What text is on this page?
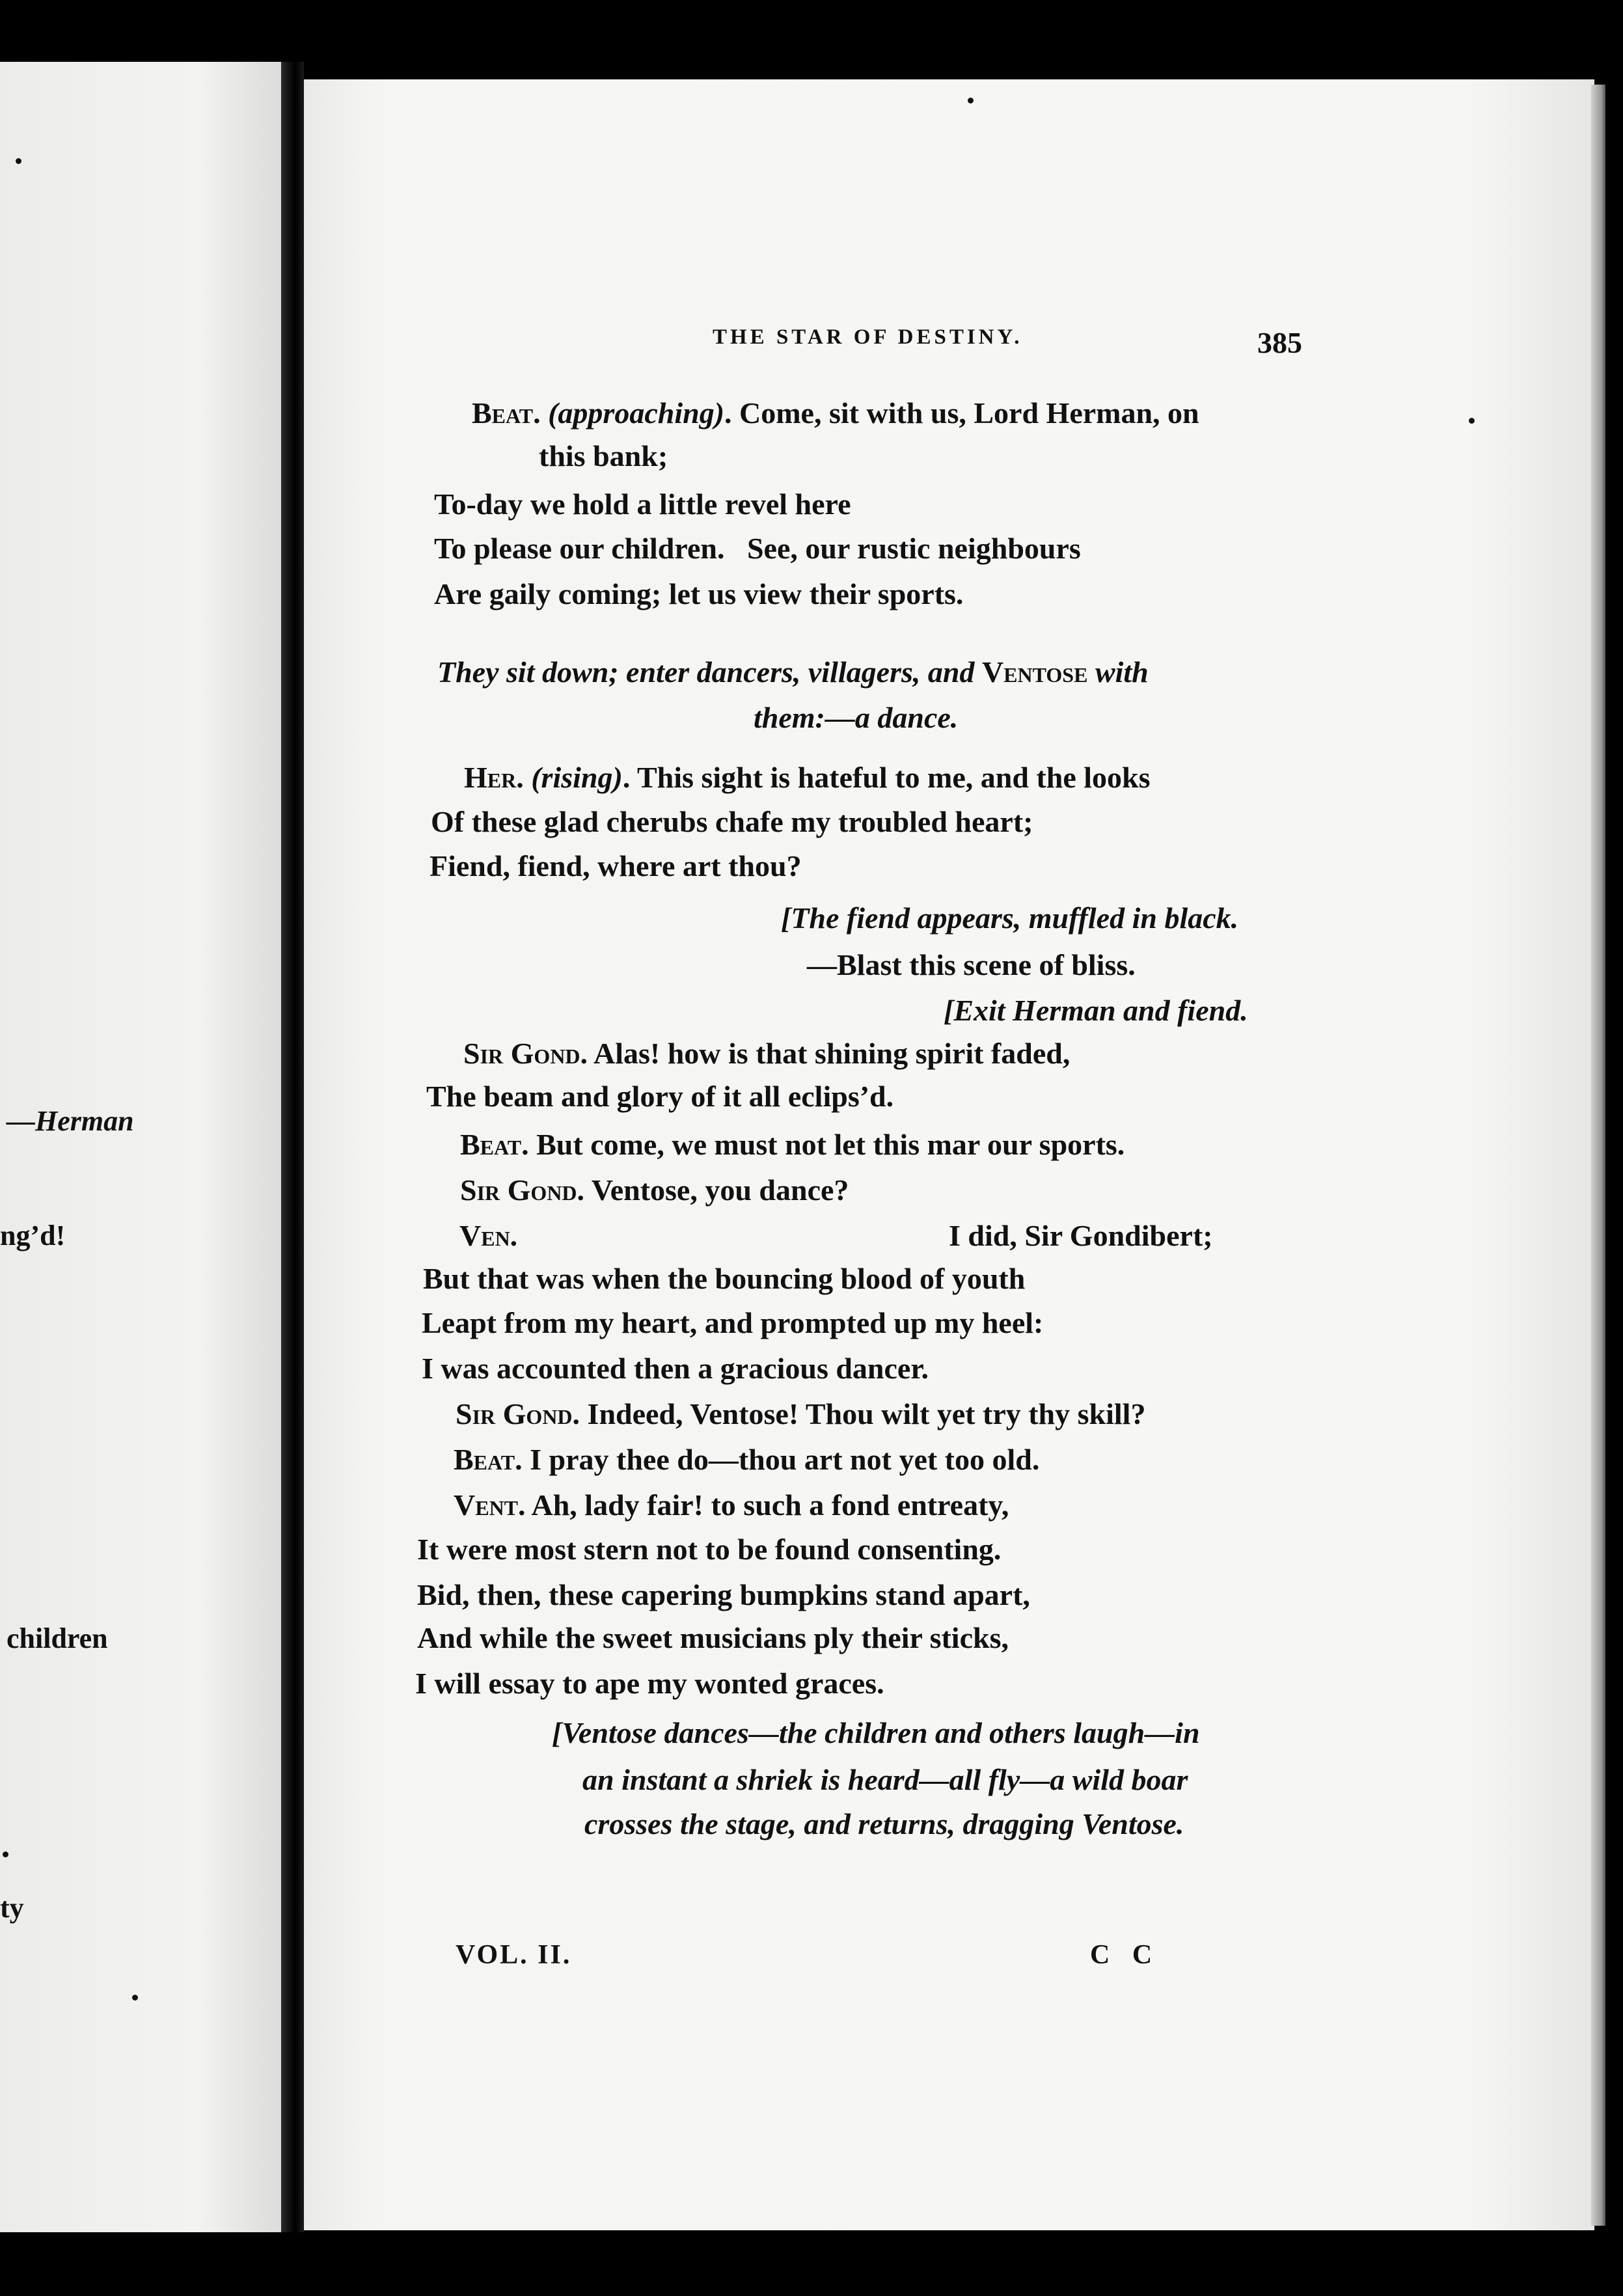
—Herman
ng’d!
children
ty
THE STAR OF DESTINY.	385
Beat. (approaching). Come, sit with us, Lord Herman, on
this bank;
To-day we hold a little revel here
To please our children.   See, our rustic neighbours
Are gaily coming; let us view their sports.
They sit down; enter dancers, villagers, and Ventose with
them:—a dance.
Her. (rising). This sight is hateful to me, and the looks
Of these glad cherubs chafe my troubled heart;
Fiend, fiend, where art thou?
[The fiend appears, muffled in black.
—Blast this scene of bliss.
[Exit Herman and fiend.
Sir Gond. Alas! how is that shining spirit faded,
The beam and glory of it all eclips’d.
Beat. But come, we must not let this mar our sports.
Sir Gond. Ventose, you dance?
Ven.	I did, Sir Gondibert;
But that was when the bouncing blood of youth
Leapt from my heart, and prompted up my heel:
I was accounted then a gracious dancer.
Sir Gond. Indeed, Ventose! Thou wilt yet try thy skill?
Beat. I pray thee do—thou art not yet too old.
Vent. Ah, lady fair! to such a fond entreaty,
It were most stern not to be found consenting.
Bid, then, these capering bumpkins stand apart,
And while the sweet musicians ply their sticks,
I will essay to ape my wonted graces.
[Ventose dances—the children and others laugh—in
an instant a shriek is heard—all fly—a wild boar
crosses the stage, and returns, dragging Ventose.
VOL. II.	C C
